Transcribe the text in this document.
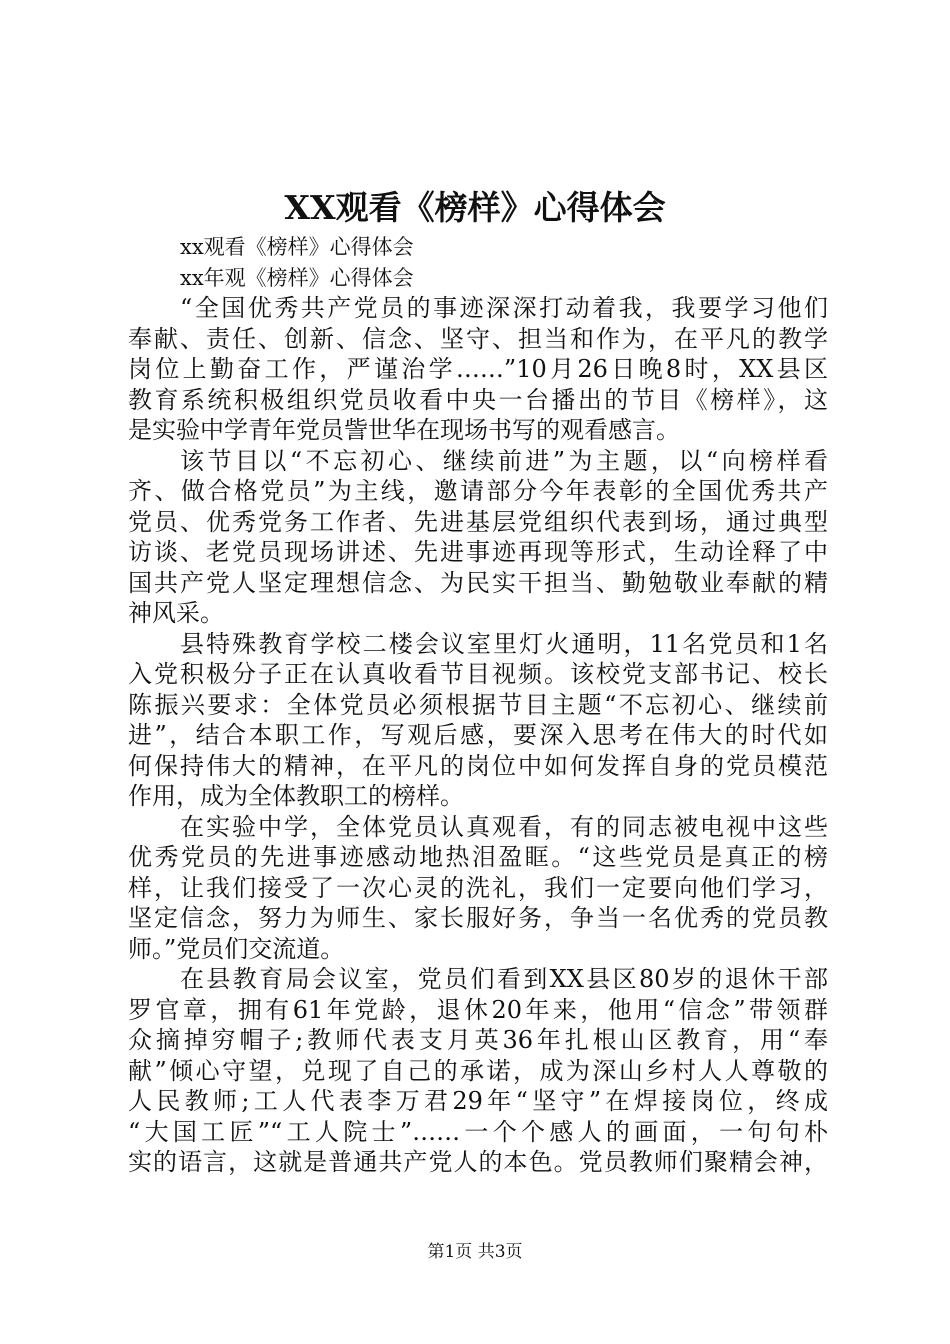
XX观看《榜样》心得体会
xx观看《榜样》心得体会
xx年观《榜样》心得体会
“全国优秀共产党员的事迹深深打动着我，我要学习他们
奉献、责任、创新、信念、坚守、担当和作为，在平凡的教学
岗位上勤奋工作，严谨治学……”10月26日晚8时，XX县区
教育系统积极组织党员收看中央一台播出的节目《榜样》，这
是实验中学青年党员訾世华在现场书写的观看感言。
该节目以“不忘初心、继续前进”为主题，以“向榜样看
齐、做合格党员”为主线，邀请部分今年表彰的全国优秀共产
党员、优秀党务工作者、先进基层党组织代表到场，通过典型
访谈、老党员现场讲述、先进事迹再现等形式，生动诠释了中
国共产党人坚定理想信念、为民实干担当、勤勉敬业奉献的精
神风采。
县特殊教育学校二楼会议室里灯火通明，11名党员和1名
入党积极分子正在认真收看节目视频。该校党支部书记、校长
陈振兴要求：全体党员必须根据节目主题“不忘初心、继续前
进”，结合本职工作，写观后感，要深入思考在伟大的时代如
何保持伟大的精神，在平凡的岗位中如何发挥自身的党员模范
作用，成为全体教职工的榜样。
在实验中学，全体党员认真观看，有的同志被电视中这些
优秀党员的先进事迹感动地热泪盈眶。“这些党员是真正的榜
样，让我们接受了一次心灵的洗礼，我们一定要向他们学习，
坚定信念，努力为师生、家长服好务，争当一名优秀的党员教
师。”党员们交流道。
在县教育局会议室，党员们看到XX县区80岁的退休干部
罗官章，拥有61年党龄，退休20年来，他用“信念”带领群
众摘掉穷帽子;教师代表支月英36年扎根山区教育，用“奉
献”倾心守望，兑现了自己的承诺，成为深山乡村人人尊敬的
人民教师;工人代表李万君29年“坚守”在焊接岗位，终成
“大国工匠”“工人院士”……一个个感人的画面，一句句朴
实的语言，这就是普通共产党人的本色。党员教师们聚精会神，
第1页 共3页
